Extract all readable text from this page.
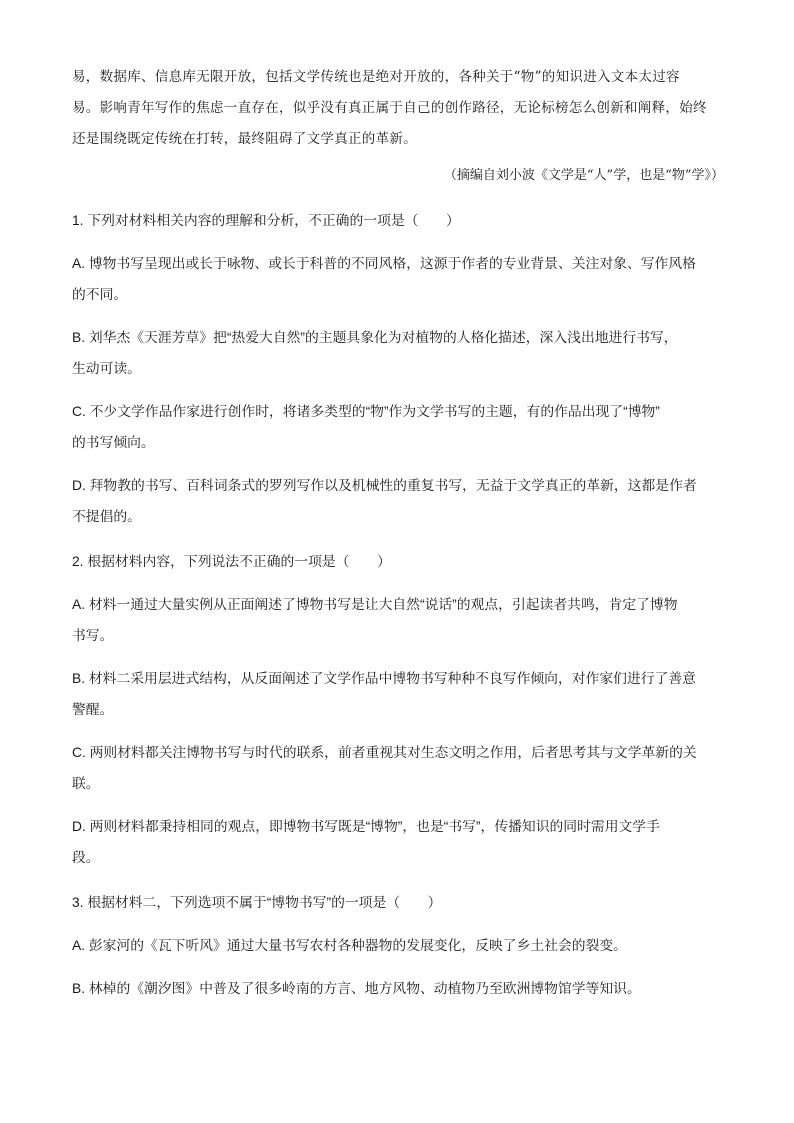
易，数据库、信息库无限开放，包括文学传统也是绝对开放的，各种关于“物”的知识进入文本太过容
易。影响青年写作的焦虑一直存在，似乎没有真正属于自己的创作路径，无论标榜怎么创新和阐释，始终
还是围绕既定传统在打转，最终阻碍了文学真正的革新。
（摘编自刘小波《文学是“人”学，也是“物”学》）
1. 下列对材料相关内容的理解和分析，不正确的一项是（　　）
A. 博物书写呈现出或长于咏物、或长于科普的不同风格，这源于作者的专业背景、关注对象、写作风格
的不同。
B. 刘华杰《天涯芳草》把“热爱大自然”的主题具象化为对植物的人格化描述，深入浅出地进行书写，
生动可读。
C. 不少文学作品作家进行创作时，将诸多类型的“物”作为文学书写的主题，有的作品出现了“博物”
的书写倾向。
D. 拜物教的书写、百科词条式的罗列写作以及机械性的重复书写，无益于文学真正的革新，这都是作者
不提倡的。
2. 根据材料内容，下列说法不正确的一项是（　　）
A. 材料一通过大量实例从正面阐述了博物书写是让大自然“说话”的观点，引起读者共鸣，肯定了博物
书写。
B. 材料二采用层进式结构，从反面阐述了文学作品中博物书写种种不良写作倾向，对作家们进行了善意
警醒。
C. 两则材料都关注博物书写与时代的联系，前者重视其对生态文明之作用，后者思考其与文学革新的关
联。
D. 两则材料都秉持相同的观点，即博物书写既是“博物”，也是“书写”，传播知识的同时需用文学手
段。
3. 根据材料二，下列选项不属于“博物书写”的一项是（　　）
A. 彭家河的《瓦下听风》通过大量书写农村各种器物的发展变化，反映了乡土社会的裂变。
B. 林棹的《潮汐图》中普及了很多岭南的方言、地方风物、动植物乃至欧洲博物馆学等知识。
